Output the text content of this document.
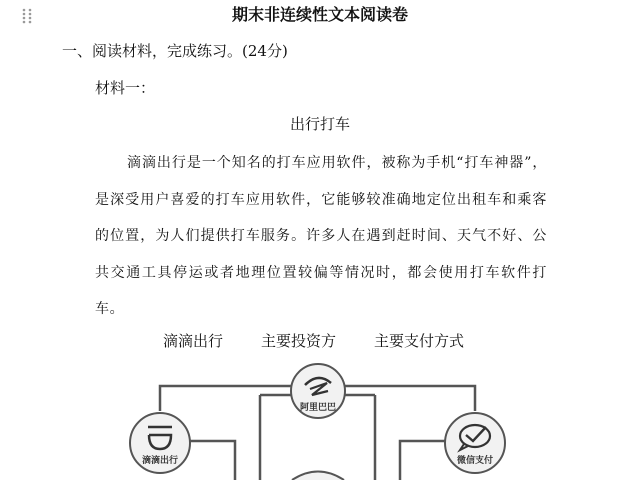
期末非连续性文本阅读卷
一、阅读材料，完成练习。(24分)
材料一：
出行打车

滴滴出行是一个知名的打车应用软件，被称为手机“打车神器”，是深受用户喜爱的打车应用软件，它能够较准确地定位出租车和乘客的位置，为人们提供打车服务。许多人在遇到赶时间、天气不好、公共交通工具停运或者地理位置较偏等情况时，都会使用打车软件打车。

滴滴出行	主要投资方	主要支付方式
阿里巴巴
滴滴出行	微信支付
